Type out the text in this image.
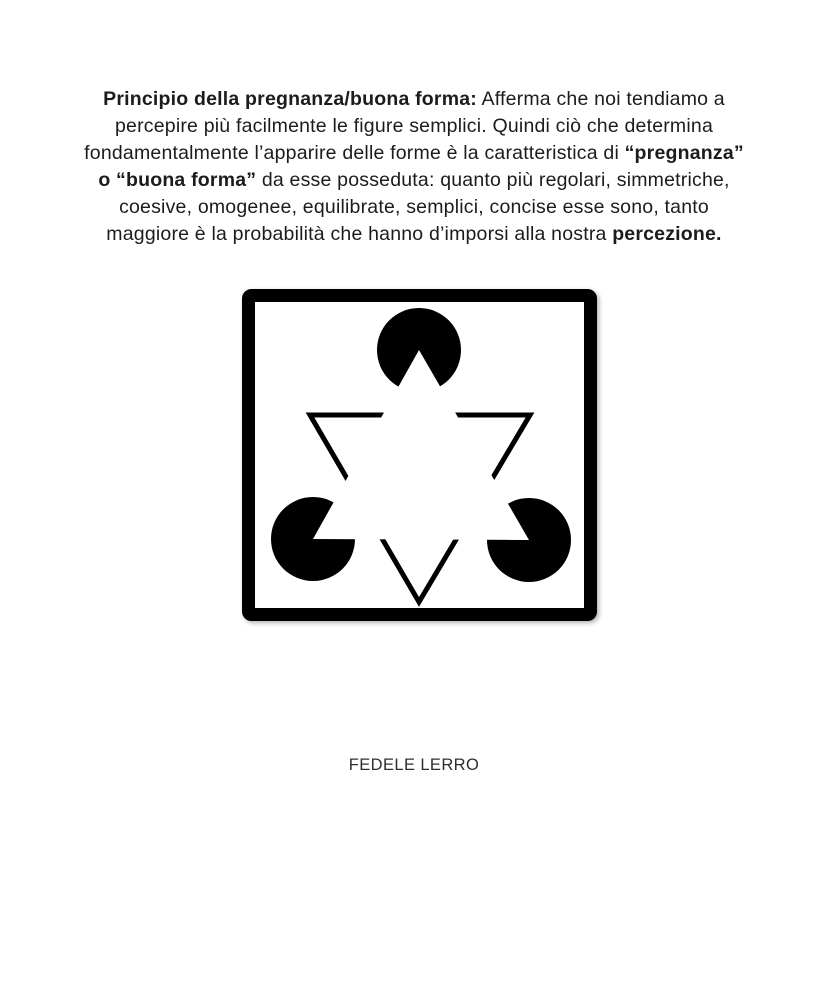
Principio della pregnanza/buona forma: Afferma che noi tendiamo a
percepire più facilmente le figure semplici. Quindi ciò che determina
fondamentalmente l’apparire delle forme è la caratteristica di “pregnanza”
o “buona forma” da esse posseduta: quanto più regolari, simmetriche,
coesive, omogenee, equilibrate, semplici, concise esse sono, tanto
maggiore è la probabilità che hanno d’imporsi alla nostra percezione.
FEDELE LERRO
